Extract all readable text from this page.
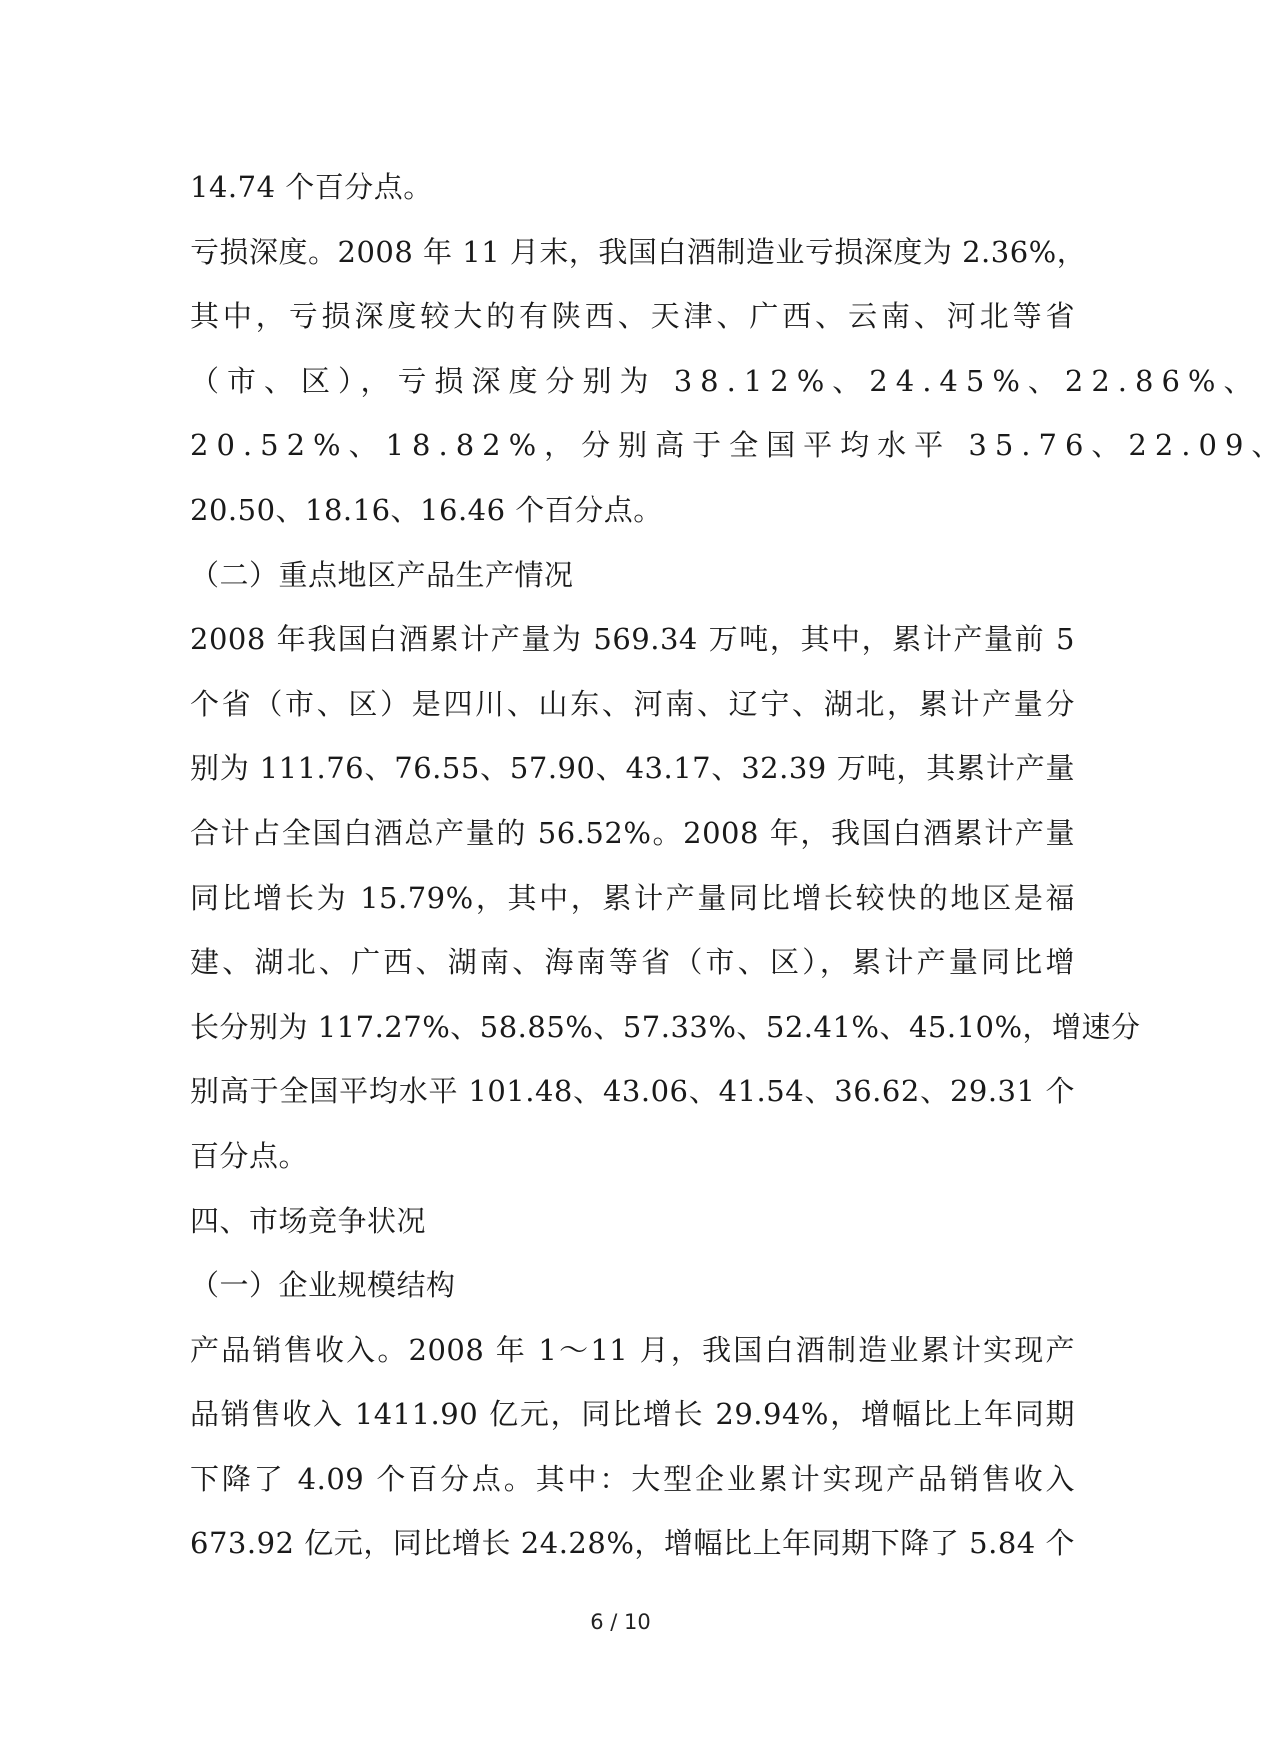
14.74 个百分点。
亏损深度。2008 年 11 月末，我国白酒制造业亏损深度为 2.36%，
其中，亏损深度较大的有陕西、天津、广西、云南、河北等省
（市、区），亏损深度分别为 38.12%、24.45%、22.86%、
20.52%、18.82%，分别高于全国平均水平 35.76、22.09、
20.50、18.16、16.46 个百分点。
（二）重点地区产品生产情况
2008 年我国白酒累计产量为 569.34 万吨，其中，累计产量前 5
个省（市、区）是四川、山东、河南、辽宁、湖北，累计产量分
别为 111.76、76.55、57.90、43.17、32.39 万吨，其累计产量
合计占全国白酒总产量的 56.52%。2008 年，我国白酒累计产量
同比增长为 15.79%，其中，累计产量同比增长较快的地区是福
建、湖北、广西、湖南、海南等省（市、区），累计产量同比增
长分别为 117.27%、58.85%、57.33%、52.41%、45.10%，增速分
别高于全国平均水平 101.48、43.06、41.54、36.62、29.31 个
百分点。
四、市场竞争状况
（一）企业规模结构
产品销售收入。2008 年 1～11 月，我国白酒制造业累计实现产
品销售收入 1411.90 亿元，同比增长 29.94%，增幅比上年同期
下降了 4.09 个百分点。其中：大型企业累计实现产品销售收入
673.92 亿元，同比增长 24.28%，增幅比上年同期下降了 5.84 个
6 / 10
